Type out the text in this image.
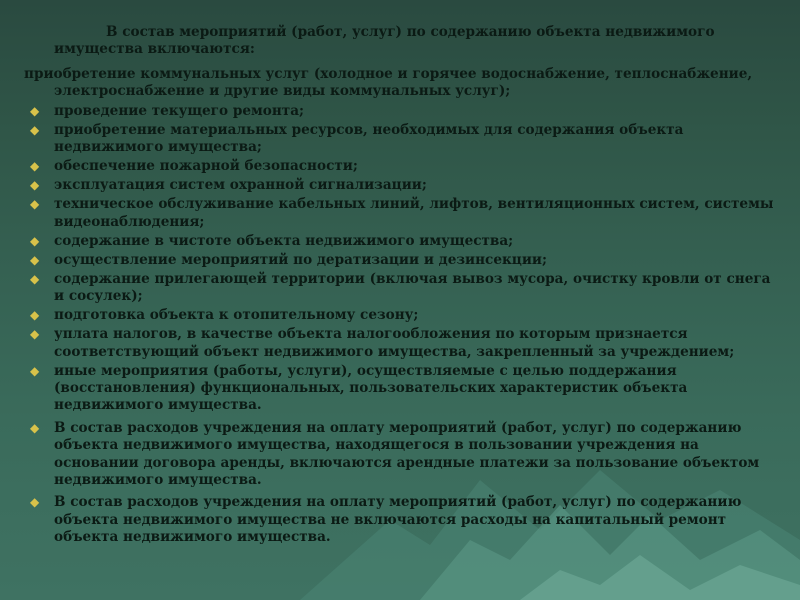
В состав мероприятий (работ, услуг) по содержанию объекта недвижимого имущества включаются:

приобретение коммунальных услуг (холодное и горячее водоснабжение, теплоснабжение,
электроснабжение и другие виды коммунальных услуг);

◆ проведение текущего ремонта;
◆ приобретение материальных ресурсов, необходимых для содержания объекта недвижимого имущества;
◆ обеспечение пожарной безопасности;
◆ эксплуатация систем охранной сигнализации;
◆ техническое обслуживание кабельных линий, лифтов, вентиляционных систем, системы видеонаблюдения;
◆ содержание в чистоте объекта недвижимого имущества;
◆ осуществление мероприятий по дератизации и дезинсекции;
◆ содержание прилегающей территории (включая вывоз мусора, очистку кровли от снега и сосулек);
◆ подготовка объекта к отопительному сезону;
◆ уплата налогов, в качестве объекта налогообложения по которым признается соответствующий объект недвижимого имущества, закрепленный за учреждением;
◆ иные мероприятия (работы, услуги), осуществляемые с целью поддержания (восстановления) функциональных, пользовательских характеристик объекта недвижимого имущества.
◆ В состав расходов учреждения на оплату мероприятий (работ, услуг) по содержанию объекта недвижимого имущества, находящегося в пользовании учреждения на основании договора аренды, включаются арендные платежи за пользование объектом недвижимого имущества.
◆ В состав расходов учреждения на оплату мероприятий (работ, услуг) по содержанию объекта недвижимого имущества не включаются расходы на капитальный ремонт объекта недвижимого имущества.
